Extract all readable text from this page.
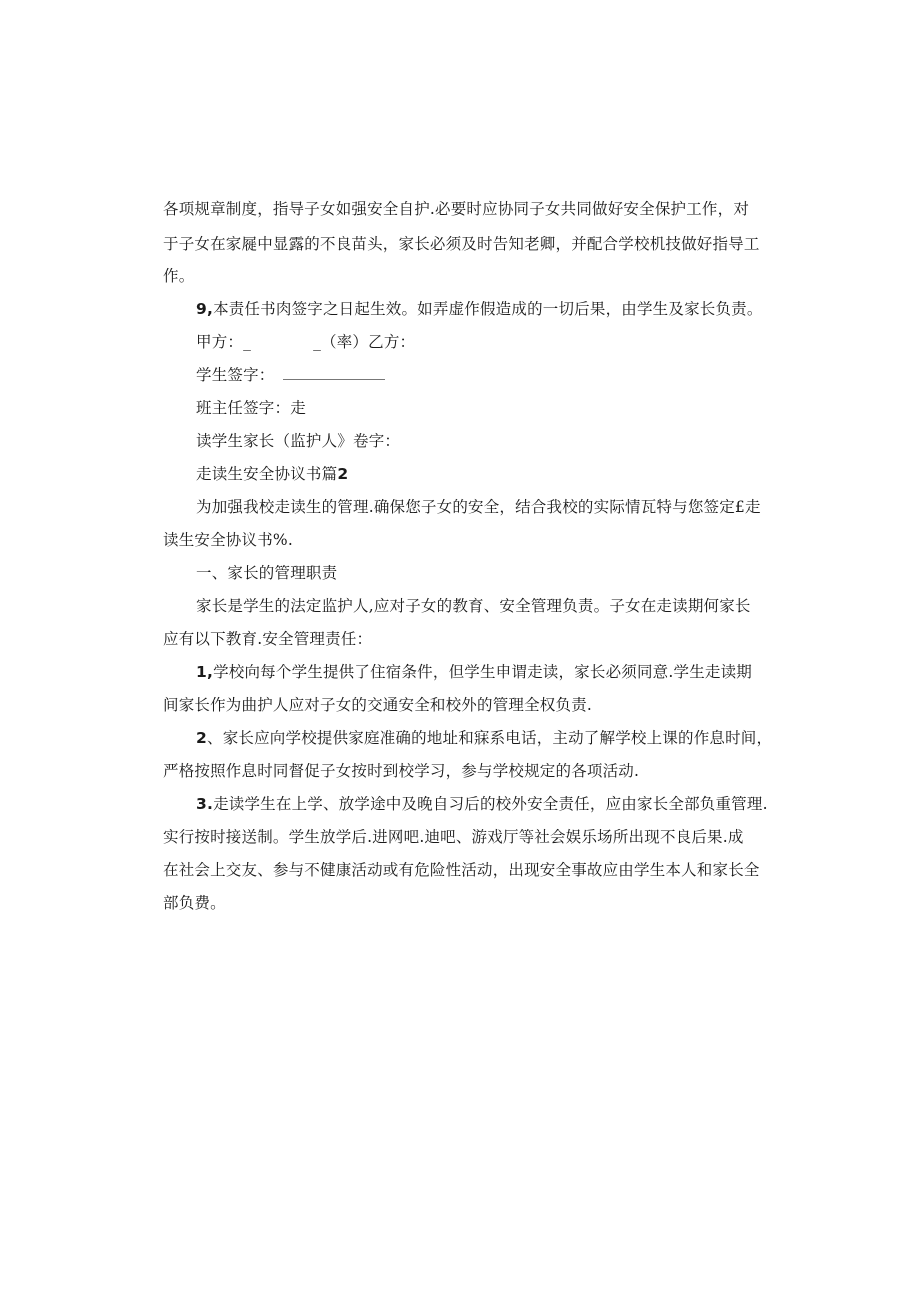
各项规章制度，指导子女如强安全自护.必要时应协同子女共同做好安全保护工作，对
于子女在家屣中显露的不良苗头，家长必须及时告知老卿，并配合学校机技做好指导工
作。
9,本责任书肉签字之日起生效。如弄虚作假造成的一切后果，由学生及家长负责。
甲方：_	_（率）乙方：
学生签字：
班主任签字：走
读学生家长（监护人》卷字：
走读生安全协议书篇2
为加强我校走读生的管理.确保您子女的安全，结合我校的实际情瓦特与您签定£走
读生安全协议书%.
一、家长的管理职责
家长是学生的法定监护人,应对子女的教育、安全管理负责。子女在走读期何家长
应有以下教育.安全管理责任：
1,学校向每个学生提供了住宿条件，但学生申谓走读，家长必须同意.学生走读期
间家长作为曲护人应对子女的交通安全和校外的管理全权负责.
2、家长应向学校提供家庭准确的地址和寐系电话，主动了解学校上课的作息时间，
严格按照作息时同督促子女按时到校学习，参与学校规定的各项活动.
3.走读学生在上学、放学途中及晚自习后的校外安全责任，应由家长全部负重管理.
实行按时接送制。学生放学后.进网吧.迪吧、游戏厅等社会娱乐场所出现不良后果.成
在社会上交友、参与不健康活动或有危险性活动，出现安全事故应由学生本人和家长全
部负费。
